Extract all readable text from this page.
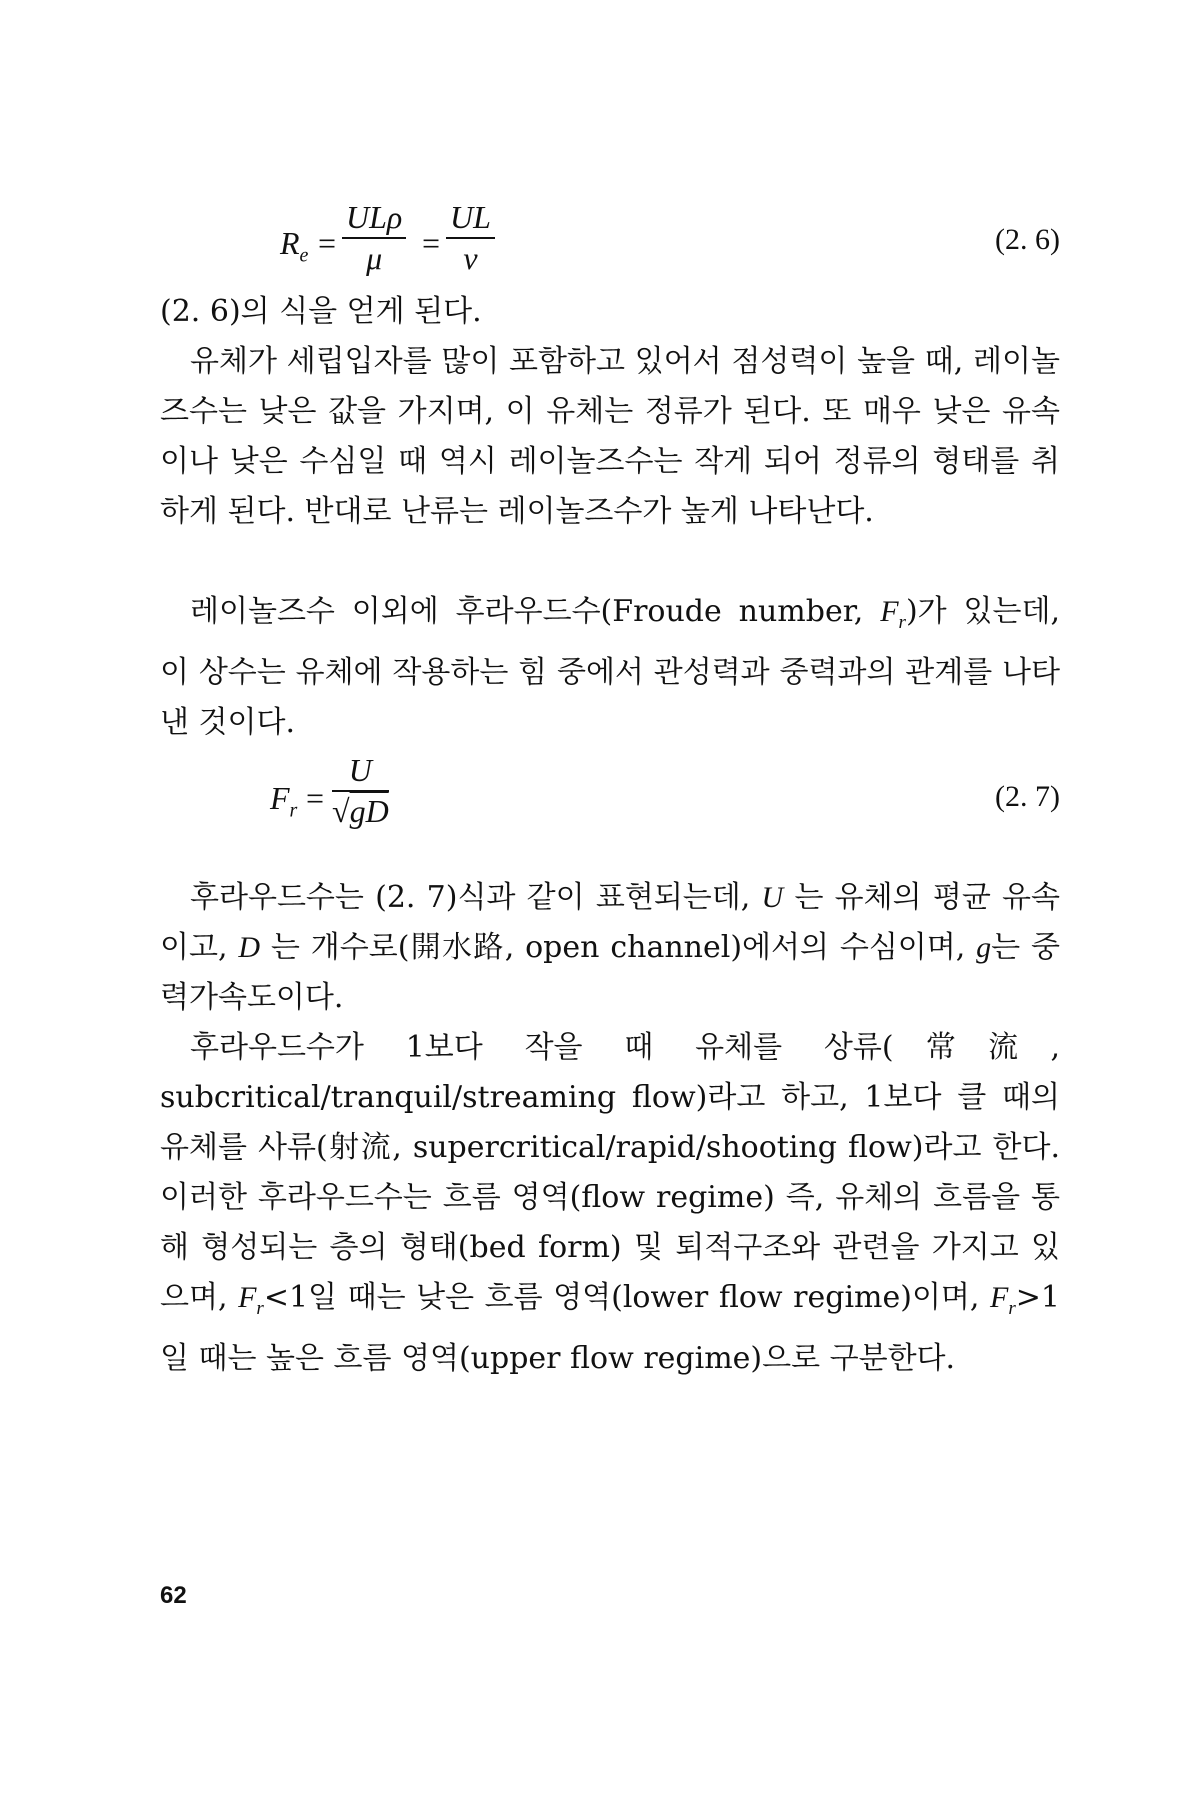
$R_e$ =
ULρ
μ	= $\frac{UL}{\nu}$	(2. 6)

(2. 6)의 식을 얻게 된다.

유체가 세립입자를 많이 포함하고 있어서 점성력이 높을 때, 레이놀즈수는 낮은 값을 가지며, 이 유체는 정류가 된다. 또 매우 낮은 유속이나 낮은 수심일 때 역시 레이놀즈수는 작게 되어 정류의 형태를 취하게 된다. 반대로 난류는 레이놀즈수가 높게 나타난다.

레이놀즈수 이외에 후라우드수(Froude number, $F_r$)가 있는데, 이 상수는 유체에 작용하는 힘 중에서 관성력과 중력과의 관계를 나타낸 것이다.

$F_r = \frac{U}{√gD}$	(2. 7)

후라우드수는 (2. 7)식과 같이 표현되는데, U 는 유체의 평균 유속이고, D 는 개수로(開水路, open channel)에서의 수심이며, g는 중력가속도이다.

후라우드수가 1보다 작을 때 유체를 상류(常流, subcritical/tranquil/streaming flow)라고 하고, 1보다 클 때의 유체를 사류(射流, supercritical/rapid/shooting flow)라고 한다. 이러한 후라우드수는 흐름 영역(flow regime) 즉, 유체의 흐름을 통해 형성되는 층의 형태(bed form) 및 퇴적구조와 관련을 가지고 있으며, $F_r<1$일 때는 낮은 흐름 영역(lower flow regime)이며, $F_r>1$ 일 때는 높은 흐름 영역(upper flow regime)으로 구분한다.

62
